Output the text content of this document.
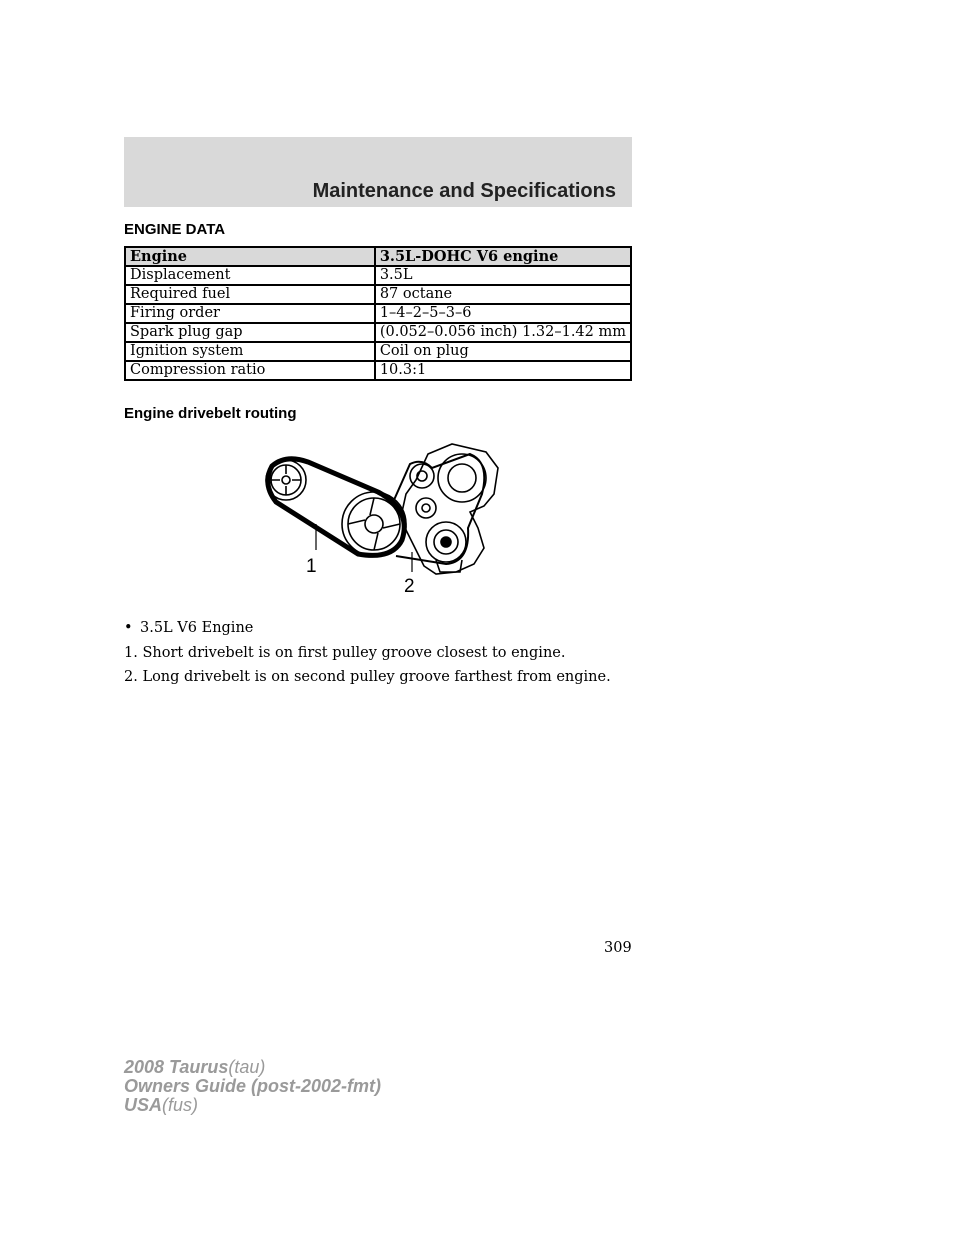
Maintenance and Specifications
ENGINE DATA
Engine	3.5L-DOHC V6 engine
Displacement	3.5L
Required fuel	87 octane
Firing order	1–4–2–5–3–6
Spark plug gap	(0.052–0.056 inch) 1.32–1.42 mm
Ignition system	Coil on plug
Compression ratio	10.3:1
Engine drivebelt routing
1
2
• 3.5L V6 Engine
1. Short drivebelt is on first pulley groove closest to engine.
2. Long drivebelt is on second pulley groove farthest from engine.
309
2008 Taurus(tau)
Owners Guide (post-2002-fmt)
USA(fus)
